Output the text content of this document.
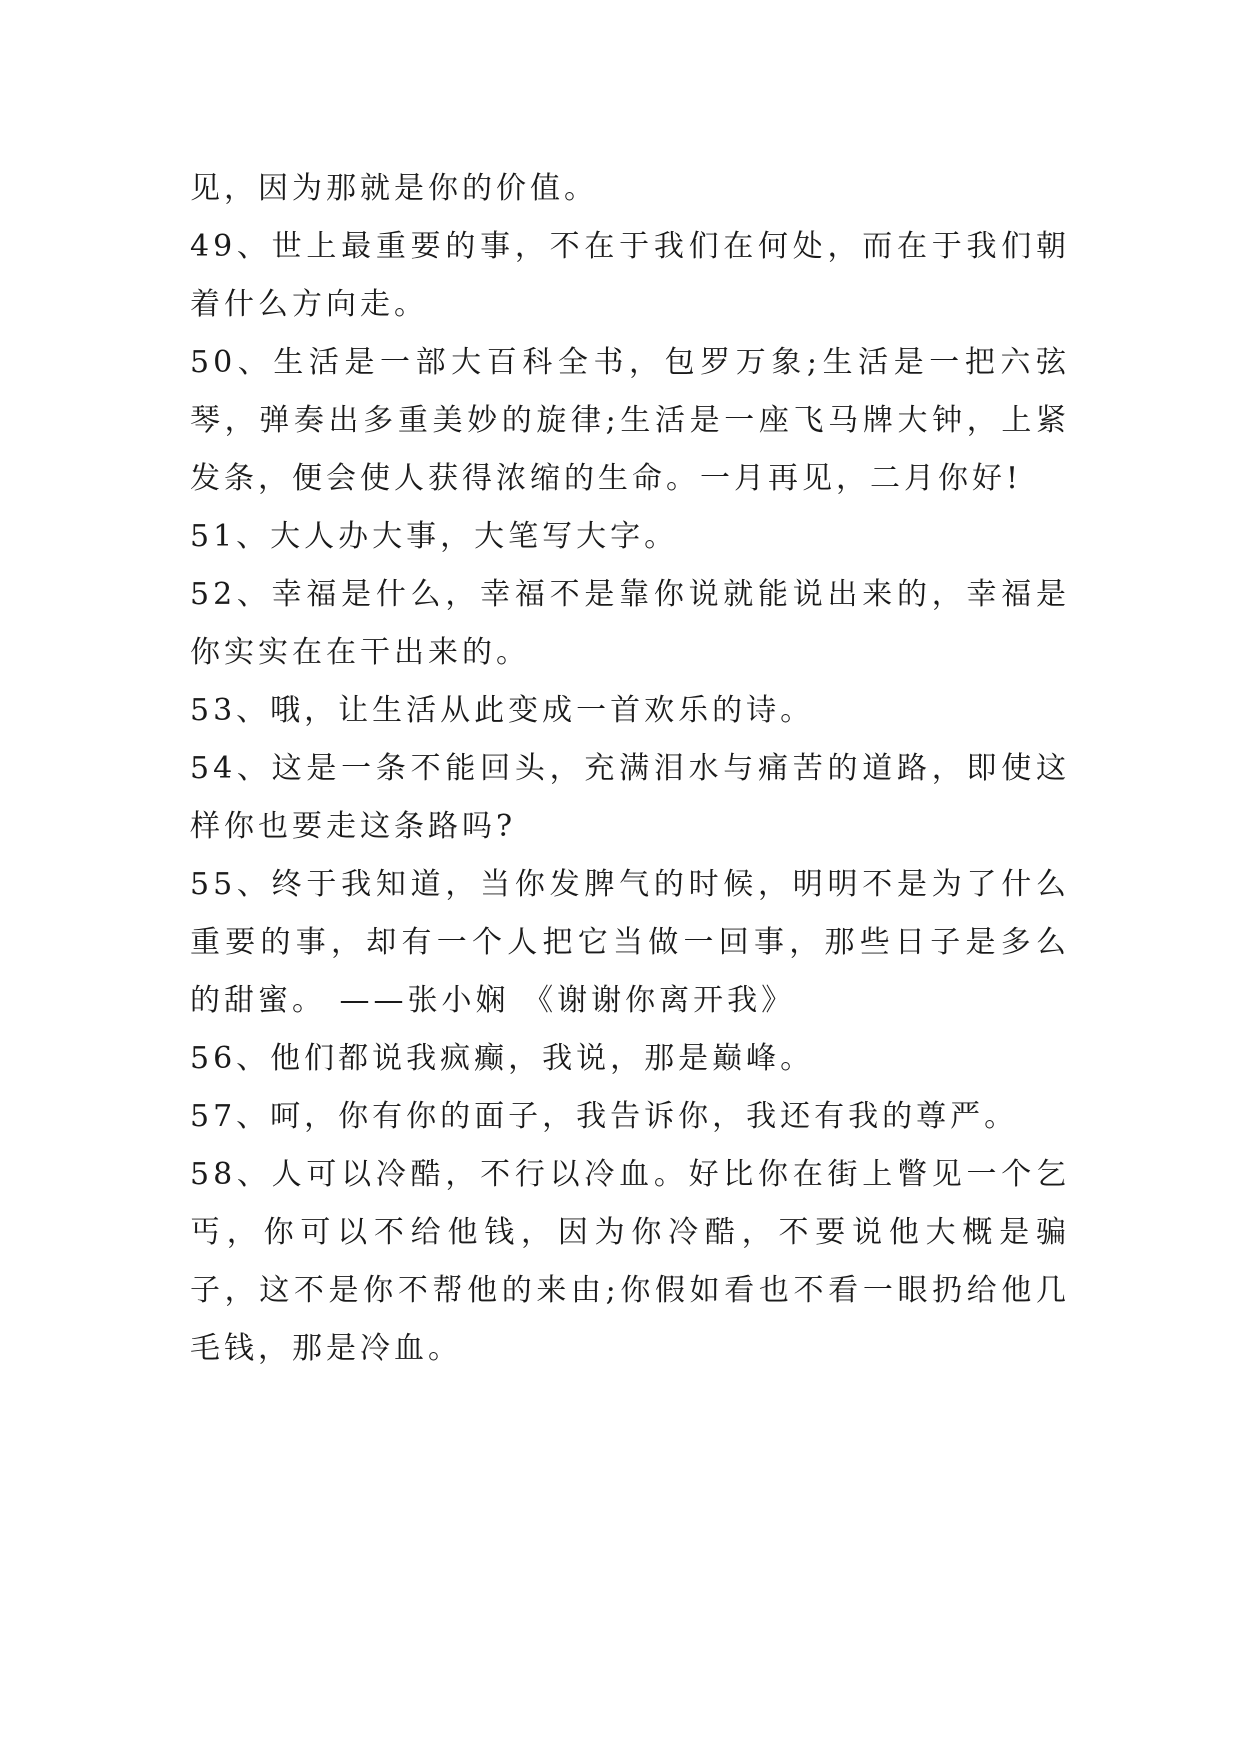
见，因为那就是你的价值。

49、世上最重要的事，不在于我们在何处，而在于我们朝着什么方向走。

50、生活是一部大百科全书，包罗万象;生活是一把六弦琴，弹奏出多重美妙的旋律;生活是一座飞马牌大钟，上紧发条，便会使人获得浓缩的生命。一月再见，二月你好!

51、大人办大事，大笔写大字。

52、幸福是什么，幸福不是靠你说就能说出来的，幸福是你实实在在干出来的。

53、哦，让生活从此变成一首欢乐的诗。

54、这是一条不能回头，充满泪水与痛苦的道路，即使这样你也要走这条路吗?

55、终于我知道，当你发脾气的时候，明明不是为了什么重要的事，却有一个人把它当做一回事，那些日子是多么的甜蜜。 ——张小娴 《谢谢你离开我》

56、他们都说我疯癫，我说，那是巅峰。

57、呵，你有你的面子，我告诉你，我还有我的尊严。

58、人可以冷酷，不行以冷血。好比你在街上瞥见一个乞丐，你可以不给他钱，因为你冷酷，不要说他大概是骗子，这不是你不帮他的来由;你假如看也不看一眼扔给他几毛钱，那是冷血。
